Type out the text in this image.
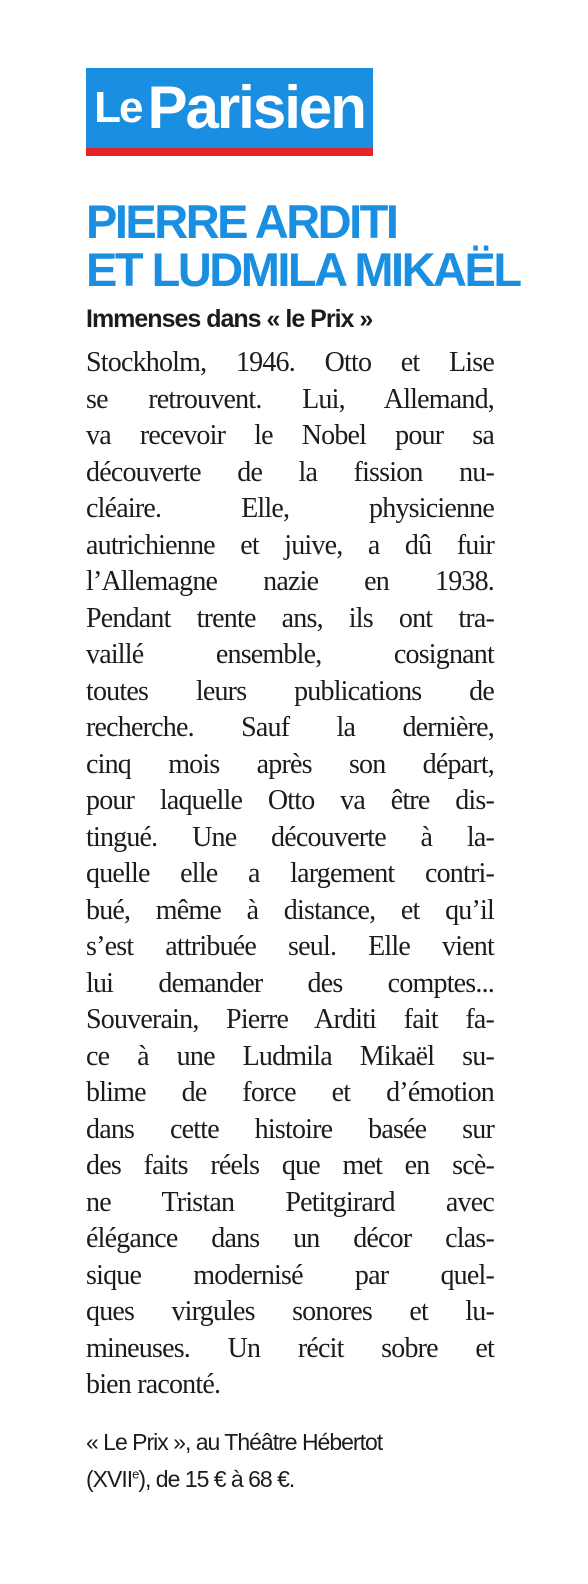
Le Parisien
PIERRE ARDITI
ET LUDMILA MIKAËL
Immenses dans « le Prix »
Stockholm, 1946. Otto et Lise
se retrouvent. Lui, Allemand,
va recevoir le Nobel pour sa
découverte de la fission nu-
cléaire. Elle, physicienne
autrichienne et juive, a dû fuir
l’Allemagne nazie en 1938.
Pendant trente ans, ils ont tra-
vaillé ensemble, cosignant
toutes leurs publications de
recherche. Sauf la dernière,
cinq mois après son départ,
pour laquelle Otto va être dis-
tingué. Une découverte à la-
quelle elle a largement contri-
bué, même à distance, et qu’il
s’est attribuée seul. Elle vient
lui demander des comptes...
Souverain, Pierre Arditi fait fa-
ce à une Ludmila Mikaël su-
blime de force et d’émotion
dans cette histoire basée sur
des faits réels que met en scè-
ne Tristan Petitgirard avec
élégance dans un décor clas-
sique modernisé par quel-
ques virgules sonores et lu-
mineuses. Un récit sobre et
bien raconté.
« Le Prix », au Théâtre Hébertot
(XVIIe), de 15 € à 68 €.
